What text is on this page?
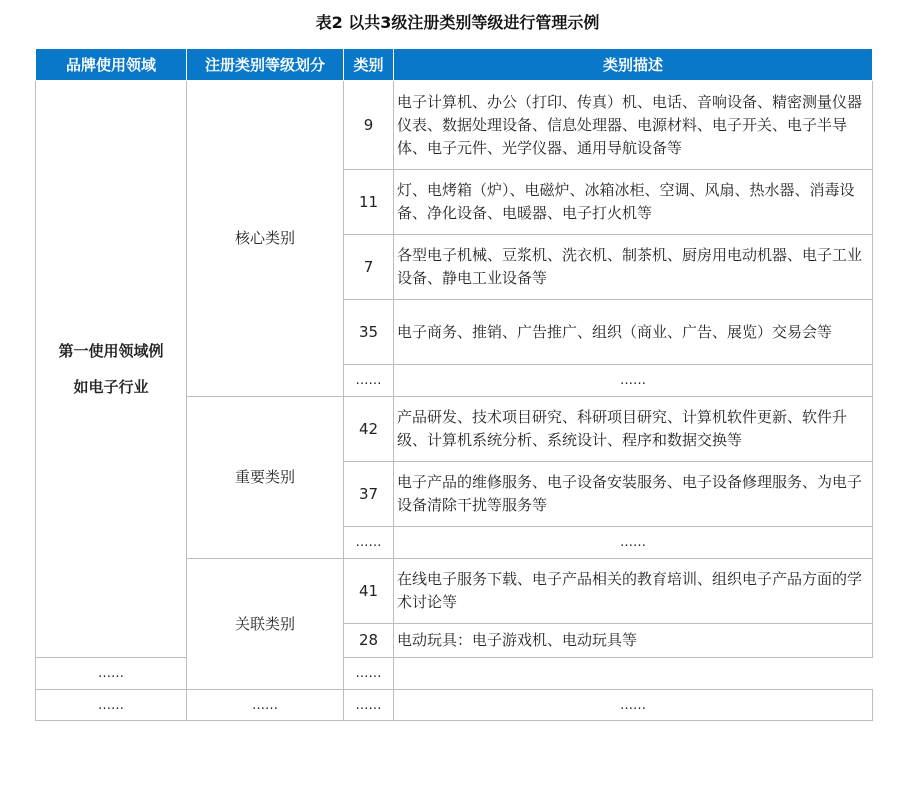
表2 以共3级注册类别等级进行管理示例
品牌使用领域	注册类别等级划分	类别	类别描述

第一使用领域例如电子行业	核心类别	9	电子计算机、办公（打印、传真）机、电话、音响设备、精密测量仪器仪表、数据处理设备、信息处理器、电源材料、电子开关、电子半导体、电子元件、光学仪器、通用导航设备等
		11	灯、电烤箱（炉）、电磁炉、冰箱冰柜、空调、风扇、热水器、消毒设备、净化设备、电暖器、电子打火机等
		7	各型电子机械、豆浆机、洗衣机、制茶机、厨房用电动机器、电子工业设备、静电工业设备等
		35	电子商务、推销、广告推广、组织（商业、广告、展览）交易会等
		……	……
	重要类别	42	产品研发、技术项目研究、科研项目研究、计算机软件更新、软件升级、计算机系统分析、系统设计、程序和数据交换等
		37	电子产品的维修服务、电子设备安装服务、电子设备修理服务、为电子设备清除干扰等服务等
		……	……
	关联类别	41	在线电子服务下载、电子产品相关的教育培训、组织电子产品方面的学术讨论等
		28	电动玩具：电子游戏机、电动玩具等
……		……	
……	……	……	……
